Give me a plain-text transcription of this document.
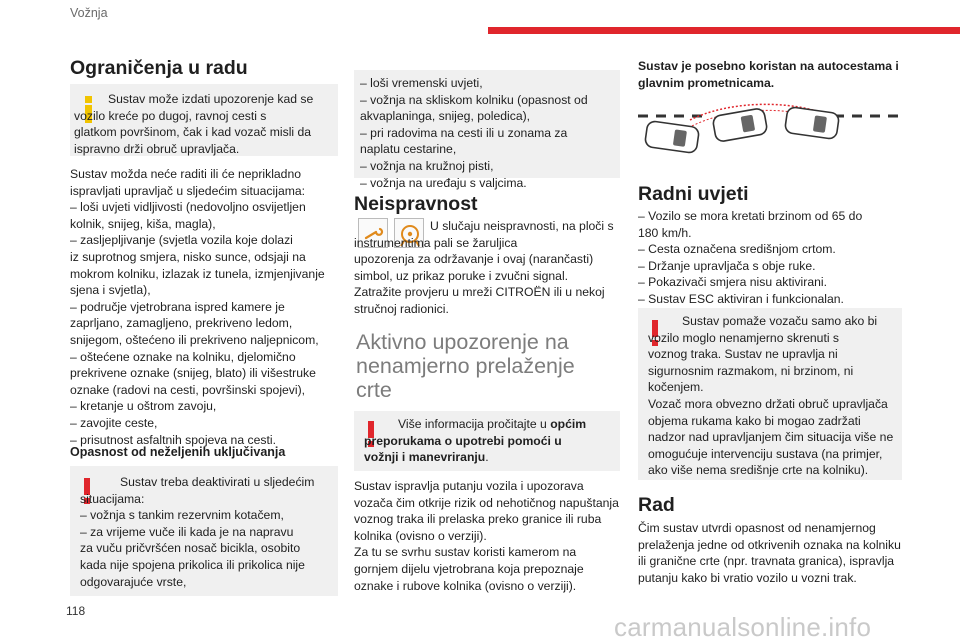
Vožnja
Ograničenja u radu
Sustav može izdati upozorenje kad se
vozilo kreće po dugoj, ravnoj cesti s
glatkom površinom, čak i kad vozač misli da
ispravno drži obruč upravljača.
Sustav možda neće raditi ili će neprikladno
ispravljati upravljač u sljedećim situacijama:
– loši uvjeti vidljivosti (nedovoljno osvijetljen
kolnik, snijeg, kiša, magla),
– zasljepljivanje (svjetla vozila koje dolazi
iz suprotnog smjera, nisko sunce, odsjaji na
mokrom kolniku, izlazak iz tunela, izmjenjivanje
sjena i svjetla),
– područje vjetrobrana ispred kamere je
zaprljano, zamagljeno, prekriveno ledom,
snijegom, oštećeno ili prekriveno naljepnicom,
– oštećene oznake na kolniku, djelomično
prekrivene oznake (snijeg, blato) ili višestruke
oznake (radovi na cesti, površinski spojevi),
– kretanje u oštrom zavoju,
– zavojite ceste,
– prisutnost asfaltnih spojeva na cesti.
Opasnost od neželjenih uključivanja
Sustav treba deaktivirati u sljedećim
situacijama:
– vožnja s tankim rezervnim kotačem,
– za vrijeme vuče ili kada je na napravu
za vuču pričvršćen nosač bicikla, osobito
kada nije spojena prikolica ili prikolica nije
odgovarajuće vrste,
– loši vremenski uvjeti,
– vožnja na skliskom kolniku (opasnost od
akvaplaninga, snijeg, poledica),
– pri radovima na cesti ili u zonama za
naplatu cestarine,
– vožnja na kružnoj pisti,
– vožnja na uređaju s valjcima.
Neispravnost
U slučaju neispravnosti, na ploči s
instrumentima pali se žaruljica
upozorenja za održavanje i ovaj (narančasti)
simbol, uz prikaz poruke i zvučni signal.
Zatražite provjeru u mreži CITROËN ili u nekoj
stručnoj radionici.
Aktivno upozorenje na
nenamjerno prelaženje
crte
Više informacija pročitajte u općim
preporukama o upotrebi pomoći u
vožnji i manevriranju.
Sustav ispravlja putanju vozila i upozorava
vozača čim otkrije rizik od nehotičnog napuštanja
voznog traka ili prelaska preko granice ili ruba
kolnika (ovisno o verziji).
Za tu se svrhu sustav koristi kamerom na
gornjem dijelu vjetrobrana koja prepoznaje
oznake i rubove kolnika (ovisno o verziji).
Sustav je posebno koristan na autocestama i
glavnim prometnicama.
Radni uvjeti
– Vozilo se mora kretati brzinom od 65 do
180 km/h.
– Cesta označena središnjom crtom.
– Držanje upravljača s obje ruke.
– Pokazivači smjera nisu aktivirani.
– Sustav ESC aktiviran i funkcionalan.
Sustav pomaže vozaču samo ako bi
vozilo moglo nenamjerno skrenuti s
voznog traka. Sustav ne upravlja ni
sigurnosnim razmakom, ni brzinom, ni
kočenjem.
Vozač mora obvezno držati obruč upravljača
objema rukama kako bi mogao zadržati
nadzor nad upravljanjem čim situacija više ne
omogućuje intervenciju sustava (na primjer,
ako više nema središnje crte na kolniku).
Rad
Čim sustav utvrdi opasnost od nenamjernog
prelaženja jedne od otkrivenih oznaka na kolniku
ili granične crte (npr. travnata granica), ispravlja
putanju kako bi vratio vozilo u vozni trak.
118
carmanualsonline.info
